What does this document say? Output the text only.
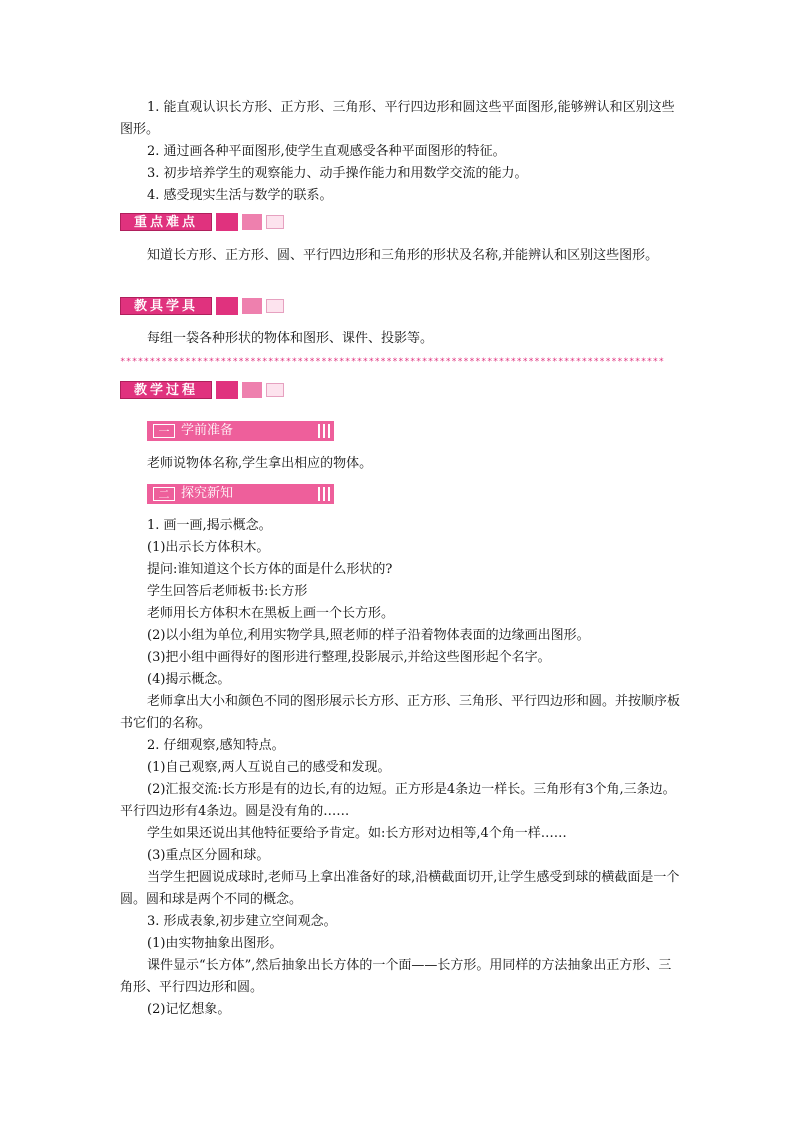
1. 能直观认识长方形、正方形、三角形、平行四边形和圆这些平面图形,能够辨认和区别这些图形。

2. 通过画各种平面图形,使学生直观感受各种平面图形的特征。

3. 初步培养学生的观察能力、动手操作能力和用数学交流的能力。

4. 感受现实生活与数学的联系。

重点难点

知道长方形、正方形、圆、平行四边形和三角形的形状及名称,并能辨认和区别这些图形。

教具学具

每组一袋各种形状的物体和图形、课件、投影等。

********************************************************************************************
教学过程
一 学前准备

老师说物体名称,学生拿出相应的物体。

二 探究新知

1. 画一画,揭示概念。

(1)出示长方体积木。

提问:谁知道这个长方体的面是什么形状的?

学生回答后老师板书:长方形

老师用长方体积木在黑板上画一个长方形。

(2)以小组为单位,利用实物学具,照老师的样子沿着物体表面的边缘画出图形。

(3)把小组中画得好的图形进行整理,投影展示,并给这些图形起个名字。

(4)揭示概念。

老师拿出大小和颜色不同的图形展示长方形、正方形、三角形、平行四边形和圆。并按顺序板书它们的名称。

2. 仔细观察,感知特点。

(1)自己观察,两人互说自己的感受和发现。

(2)汇报交流:长方形是有的边长,有的边短。正方形是4条边一样长。三角形有3个角,三条边。平行四边形有4条边。圆是没有角的……

学生如果还说出其他特征要给予肯定。如:长方形对边相等,4个角一样……

(3)重点区分圆和球。

当学生把圆说成球时,老师马上拿出准备好的球,沿横截面切开,让学生感受到球的横截面是一个圆。圆和球是两个不同的概念。

3. 形成表象,初步建立空间观念。

(1)由实物抽象出图形。

课件显示“长方体”,然后抽象出长方体的一个面——长方形。用同样的方法抽象出正方形、三角形、平行四边形和圆。

(2)记忆想象。
